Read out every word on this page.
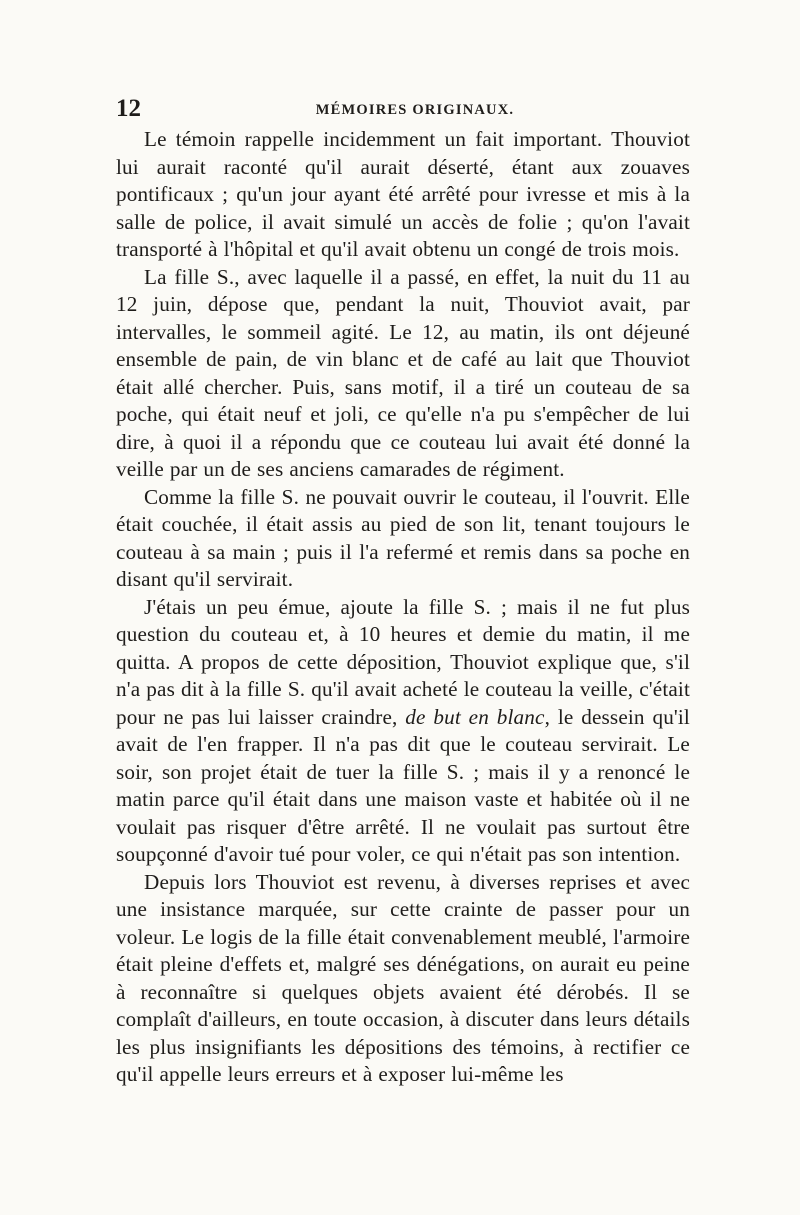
12	MÉMOIRES ORIGINAUX.

Le témoin rappelle incidemment un fait important. Thouviot lui aurait raconté qu'il aurait déserté, étant aux zouaves pontificaux ; qu'un jour ayant été arrêté pour ivresse et mis à la salle de police, il avait simulé un accès de folie ; qu'on l'avait transporté à l'hôpital et qu'il avait obtenu un congé de trois mois.

La fille S., avec laquelle il a passé, en effet, la nuit du 11 au 12 juin, dépose que, pendant la nuit, Thouviot avait, par intervalles, le sommeil agité. Le 12, au matin, ils ont déjeuné ensemble de pain, de vin blanc et de café au lait que Thouviot était allé chercher. Puis, sans motif, il a tiré un couteau de sa poche, qui était neuf et joli, ce qu'elle n'a pu s'empêcher de lui dire, à quoi il a répondu que ce couteau lui avait été donné la veille par un de ses anciens camarades de régiment.

Comme la fille S. ne pouvait ouvrir le couteau, il l'ouvrit. Elle était couchée, il était assis au pied de son lit, tenant toujours le couteau à sa main ; puis il l'a refermé et remis dans sa poche en disant qu'il servirait.

J'étais un peu émue, ajoute la fille S. ; mais il ne fut plus question du couteau et, à 10 heures et demie du matin, il me quitta. A propos de cette déposition, Thouviot explique que, s'il n'a pas dit à la fille S. qu'il avait acheté le couteau la veille, c'était pour ne pas lui laisser craindre, de but en blanc, le dessein qu'il avait de l'en frapper. Il n'a pas dit que le couteau servirait. Le soir, son projet était de tuer la fille S. ; mais il y a renoncé le matin parce qu'il était dans une maison vaste et habitée où il ne voulait pas risquer d'être arrêté. Il ne voulait pas surtout être soupçonné d'avoir tué pour voler, ce qui n'était pas son intention.

Depuis lors Thouviot est revenu, à diverses reprises et avec une insistance marquée, sur cette crainte de passer pour un voleur. Le logis de la fille était convenablement meublé, l'armoire était pleine d'effets et, malgré ses dénégations, on aurait eu peine à reconnaître si quelques objets avaient été dérobés. Il se complaît d'ailleurs, en toute occasion, à discuter dans leurs détails les plus insignifiants les dépositions des témoins, à rectifier ce qu'il appelle leurs erreurs et à exposer lui-même les
